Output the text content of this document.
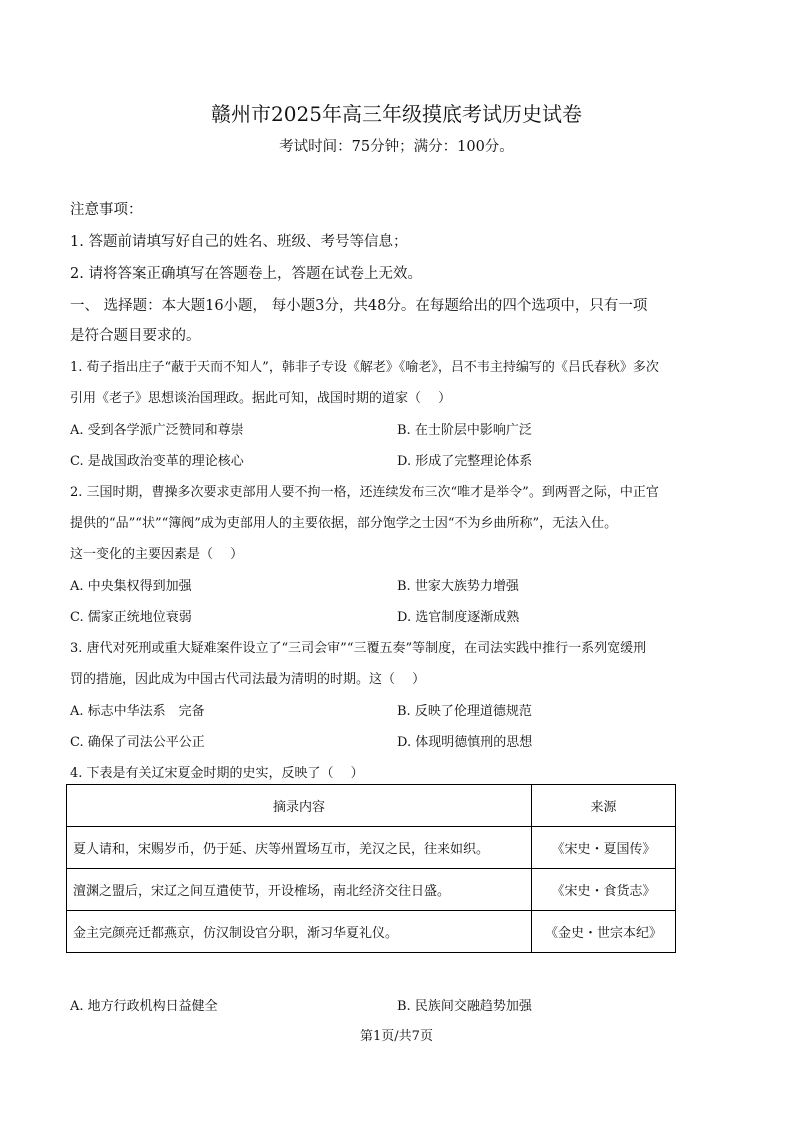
赣州市2025年高三年级摸底考试历史试卷
考试时间：75分钟；满分：100分。
注意事项：
1. 答题前请填写好自己的姓名、班级、考号等信息；
2. 请将答案正确填写在答题卷上，答题在试卷上无效。
一、 选择题：本大题16小题， 每小题3分，共48分。在每题给出的四个选项中，只有一项
是符合题目要求的。
1. 荀子指出庄子“蔽于天而不知人”，韩非子专设《解老》《喻老》，吕不韦主持编写的《吕氏春秋》多次
引用《老子》思想谈治国理政。据此可知，战国时期的道家（　 ）
A. 受到各学派广泛赞同和尊崇	B. 在士阶层中影响广泛
C. 是战国政治变革的理论核心	D. 形成了完整理论体系
2. 三国时期，曹操多次要求吏部用人要不拘一格，还连续发布三次“唯才是举令”。到两晋之际，中正官
提供的“品”“状”“簿阀”成为吏部用人的主要依据，部分饱学之士因“不为乡曲所称”，无法入仕。
这一变化的主要因素是（　 ）
A. 中央集权得到加强	B. 世家大族势力增强
C. 儒家正统地位衰弱	D. 选官制度逐渐成熟
3. 唐代对死刑或重大疑难案件设立了“三司会审”“三覆五奏”等制度，在司法实践中推行一系列宽缓刑
罚的措施，因此成为中国古代司法最为清明的时期。这（　 ）
A. 标志中华法系　完备	B. 反映了伦理道德规范
C. 确保了司法公平公正	D. 体现明德慎刑的思想
4. 下表是有关辽宋夏金时期的史实，反映了（　 ）
摘录内容	来源
夏人请和，宋赐岁币，仍于延、庆等州置场互市，羌汉之民，往来如织。	《宋史・夏国传》
澶渊之盟后，宋辽之间互遣使节，开设榷场，南北经济交往日盛。	《宋史・食货志》
金主完颜亮迁都燕京，仿汉制设官分职，渐习华夏礼仪。	《金史・世宗本纪》
A. 地方行政机构日益健全	B. 民族间交融趋势加强
第1页/共7页
